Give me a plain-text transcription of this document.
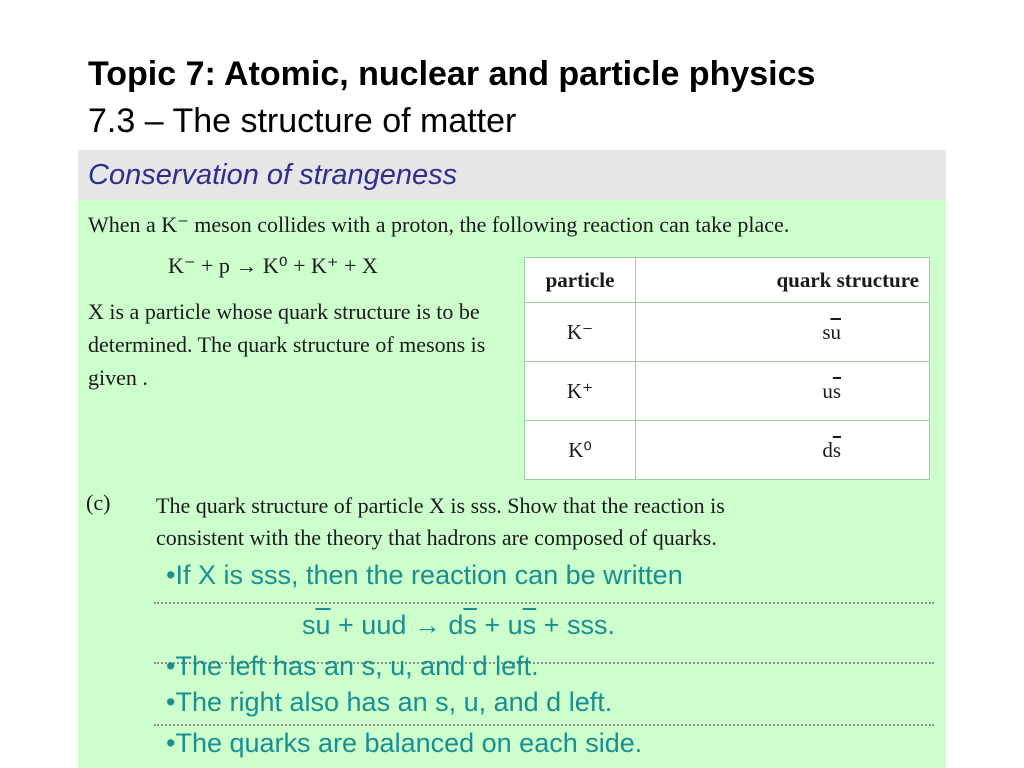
Topic 7: Atomic, nuclear and particle physics
7.3 – The structure of matter
Conservation of strangeness
When a K⁻ meson collides with a proton, the following reaction can take place.
K⁻ + p → K⁰ + K⁺ + X
X is a particle whose quark structure is to be determined. The quark structure of mesons is given .
particle	quark structure
K⁻	$s\overline{u}$
K⁺	$u\overline{s}$
K⁰	$d\overline{s}$
(c) The quark structure of particle X is sss. Show that the reaction is
consistent with the theory that hadrons are composed of quarks.
•If X is sss, then the reaction can be written
$s\overline{u}$ + uud → $d\overline{s} + u\overline{s}$ + sss.
•The left has an s, u, and d left.
•The right also has an s, u, and d left.
•The quarks are balanced on each side.
